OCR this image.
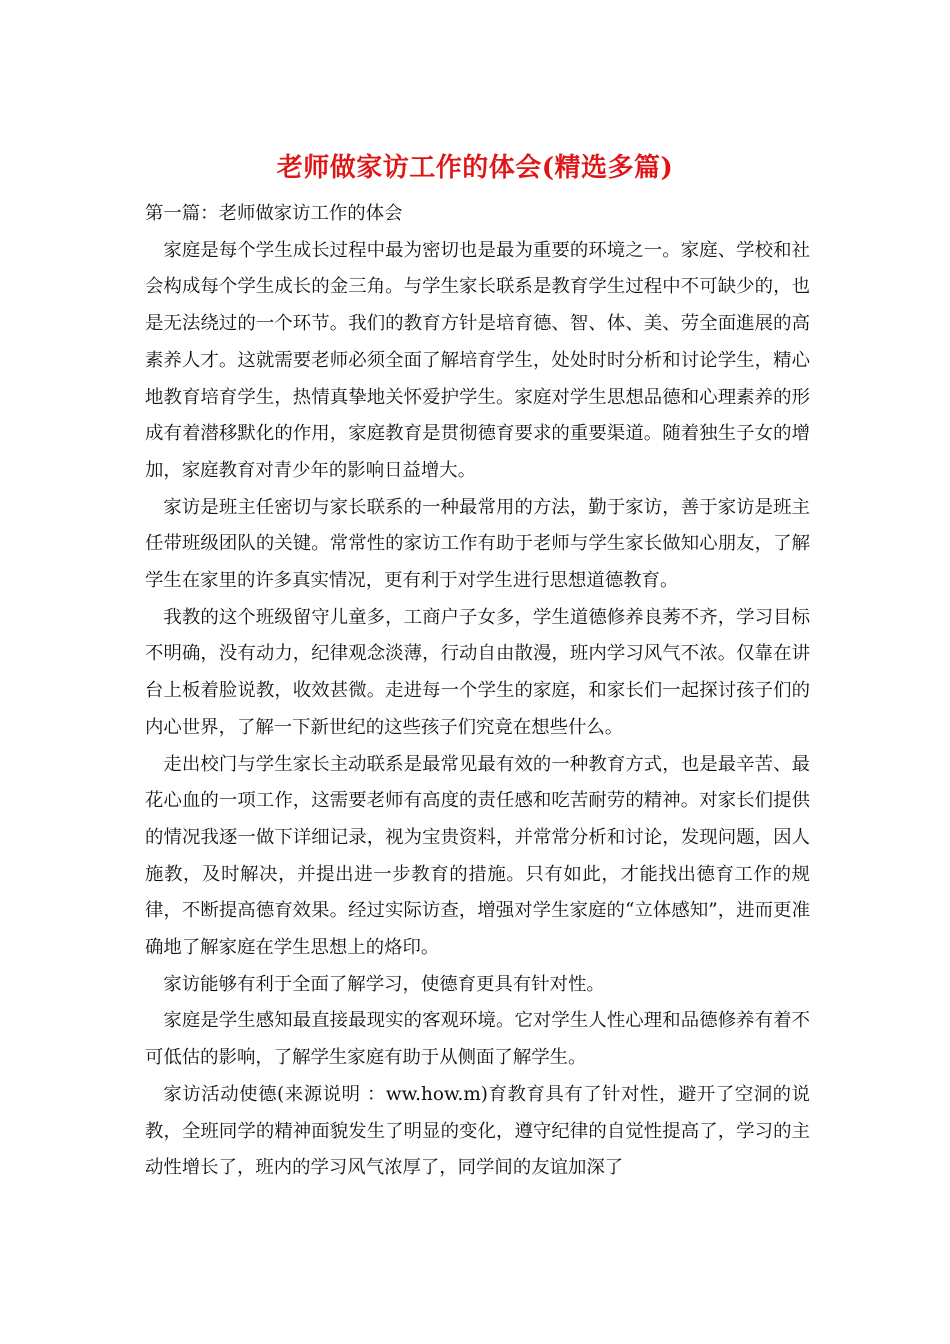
老师做家访工作的体会(精选多篇)

第一篇：老师做家访工作的体会

家庭是每个学生成长过程中最为密切也是最为重要的环境之一。家庭、学校和社会构成每个学生成长的金三角。与学生家长联系是教育学生过程中不可缺少的，也是无法绕过的一个环节。我们的教育方针是培育德、智、体、美、劳全面進展的高素养人才。这就需要老师必须全面了解培育学生，处处时时分析和讨论学生，精心地教育培育学生，热情真挚地关怀爱护学生。家庭对学生思想品德和心理素养的形成有着潜移默化的作用，家庭教育是贯彻德育要求的重要渠道。随着独生子女的增加，家庭教育对青少年的影响日益增大。

家访是班主任密切与家长联系的一种最常用的方法，勤于家访，善于家访是班主任带班级团队的关键。常常性的家访工作有助于老师与学生家长做知心朋友，了解学生在家里的许多真实情况，更有利于对学生进行思想道德教育。

我教的这个班级留守儿童多，工商户子女多，学生道德修养良莠不齐，学习目标不明确，没有动力，纪律观念淡薄，行动自由散漫，班内学习风气不浓。仅靠在讲台上板着脸说教，收效甚微。走进每一个学生的家庭，和家长们一起探讨孩子们的内心世界，了解一下新世纪的这些孩子们究竟在想些什么。

走出校门与学生家长主动联系是最常见最有效的一种教育方式，也是最辛苦、最花心血的一项工作，这需要老师有高度的责任感和吃苦耐劳的精神。对家长们提供的情况我逐一做下详细记录，视为宝贵资料，并常常分析和讨论，发现问题，因人施教，及时解决，并提出进一步教育的措施。只有如此，才能找出德育工作的规律，不断提高德育效果。经过实际访查，增强对学生家庭的“立体感知”，进而更准确地了解家庭在学生思想上的烙印。

家访能够有利于全面了解学习，使德育更具有针对性。

家庭是学生感知最直接最现实的客观环境。它对学生人性心理和品德修养有着不可低估的影响，了解学生家庭有助于从侧面了解学生。

家访活动使德(来源说明 ：ww.how.m)育教育具有了针对性，避开了空洞的说教，全班同学的精神面貌发生了明显的变化，遵守纪律的自觉性提高了，学习的主动性增长了，班内的学习风气浓厚了，同学间的友谊加深了
